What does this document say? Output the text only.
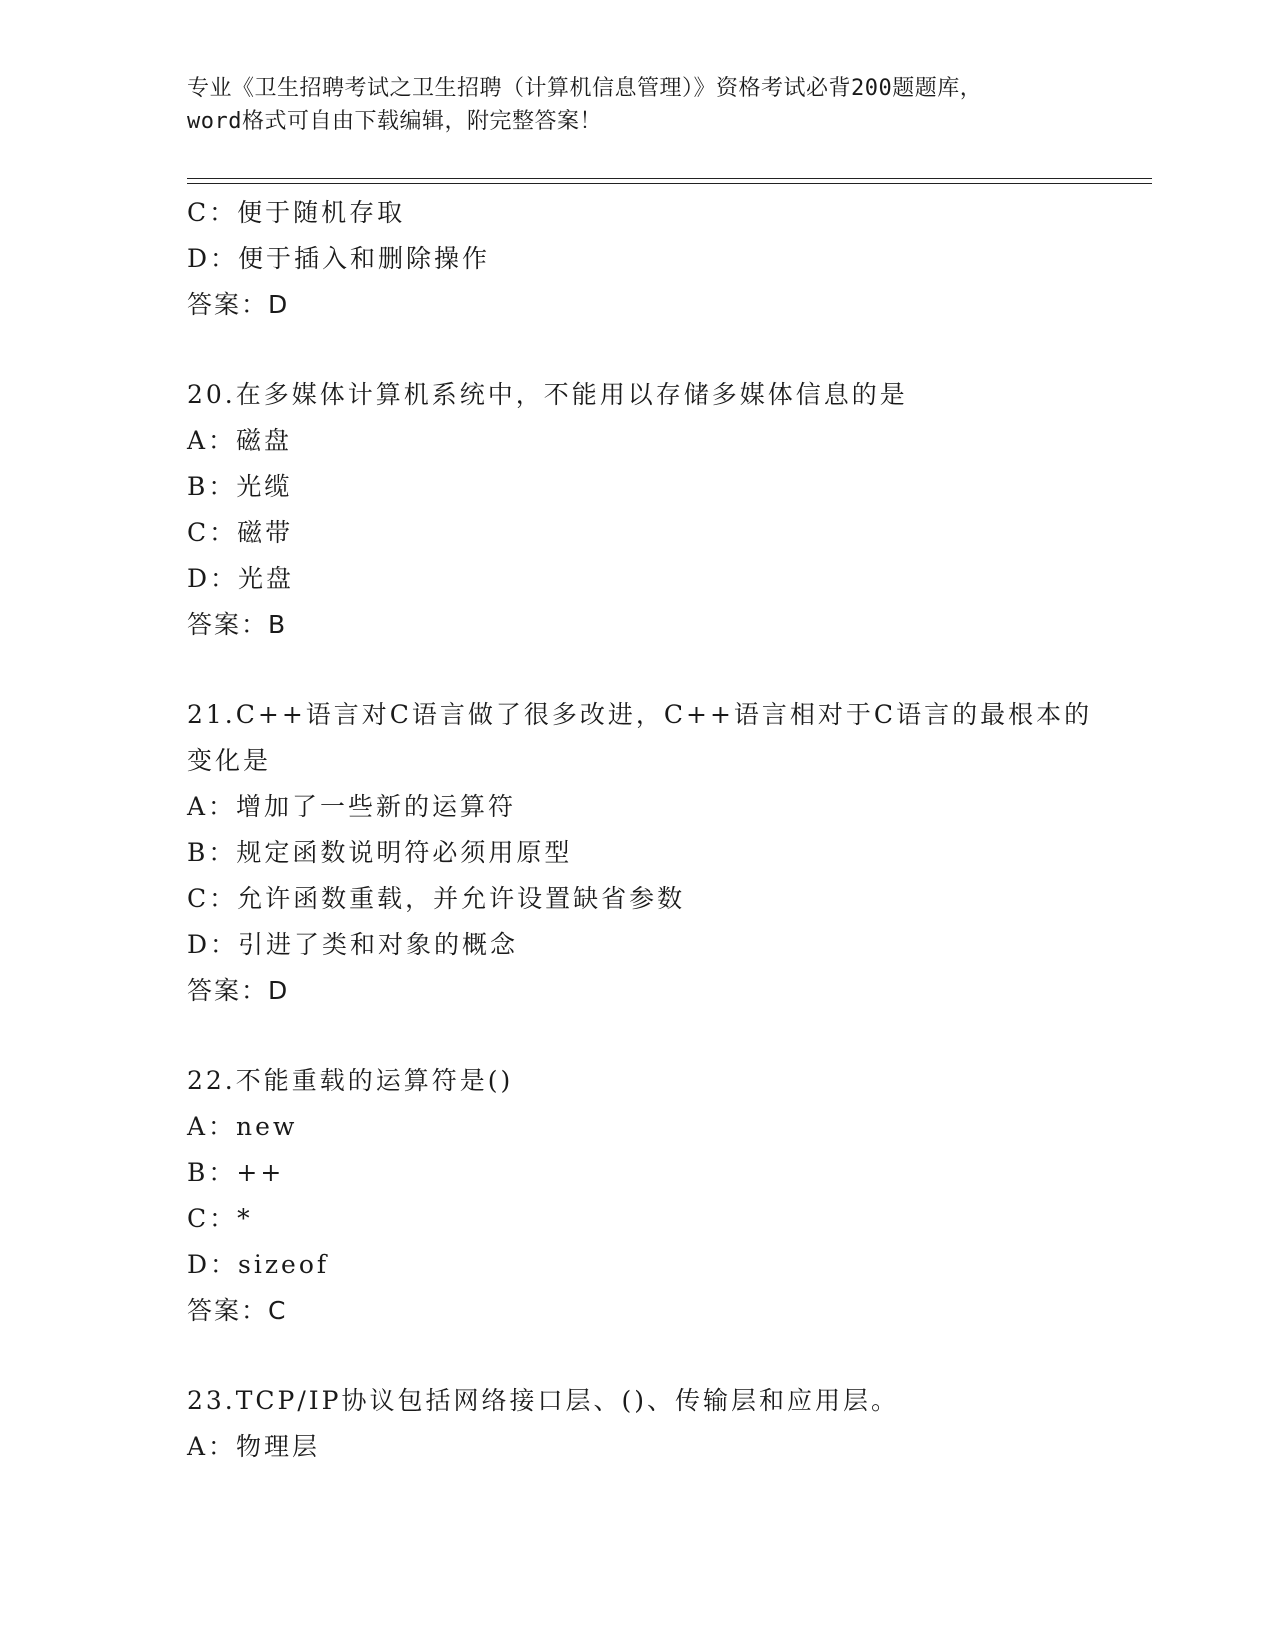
专业《卫生招聘考试之卫生招聘（计算机信息管理）》资格考试必背200题题库，
word格式可自由下载编辑，附完整答案！
C：便于随机存取
D：便于插入和删除操作
答案：D
20.在多媒体计算机系统中，不能用以存储多媒体信息的是
A：磁盘
B：光缆
C：磁带
D：光盘
答案：B
21.C++语言对C语言做了很多改进，C++语言相对于C语言的最根本的
变化是
A：增加了一些新的运算符
B：规定函数说明符必须用原型
C：允许函数重载，并允许设置缺省参数
D：引进了类和对象的概念
答案：D
22.不能重载的运算符是()
A：new
B：++
C：*
D：sizeof
答案：C
23.TCP/IP协议包括网络接口层、()、传输层和应用层。
A：物理层
